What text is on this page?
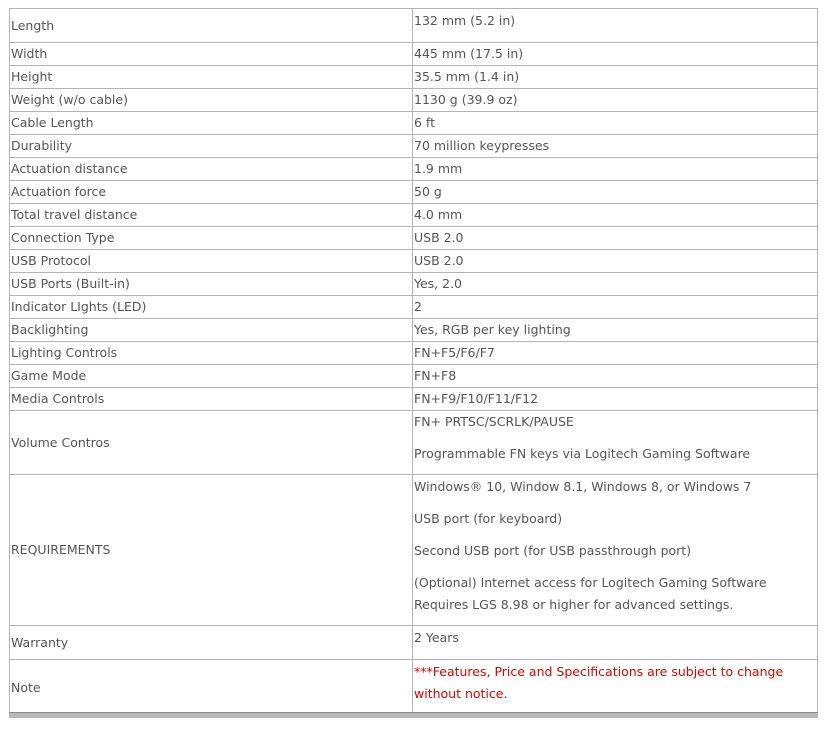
Length	132 mm (5.2 in)
Width	445 mm (17.5 in)
Height	35.5 mm (1.4 in)
Weight (w/o cable)	1130 g (39.9 oz)
Cable Length	6 ft
Durability	70 million keypresses
Actuation distance	1.9 mm
Actuation force	50 g
Total travel distance	4.0 mm
Connection Type	USB 2.0
USB Protocol	USB 2.0
USB Ports (Built-in)	Yes, 2.0
Indicator LIghts (LED)	2
Backlighting	Yes, RGB per key lighting
Lighting Controls	FN+F5/F6/F7
Game Mode	FN+F8
Media Controls	FN+F9/F10/F11/F12
Volume Contros	FN+ PRTSC/SCRLK/PAUSE

Programmable FN keys via Logitech Gaming Software

REQUIREMENTS	Windows® 10, Window 8.1, Windows 8, or Windows 7

USB port (for keyboard)

Second USB port (for USB passthrough port)

(Optional) Internet access for Logitech Gaming Software Requires LGS 8.98 or higher for advanced settings.

Warranty	2 Years
Note	***Features, Price and Specifications are subject to change without notice.
